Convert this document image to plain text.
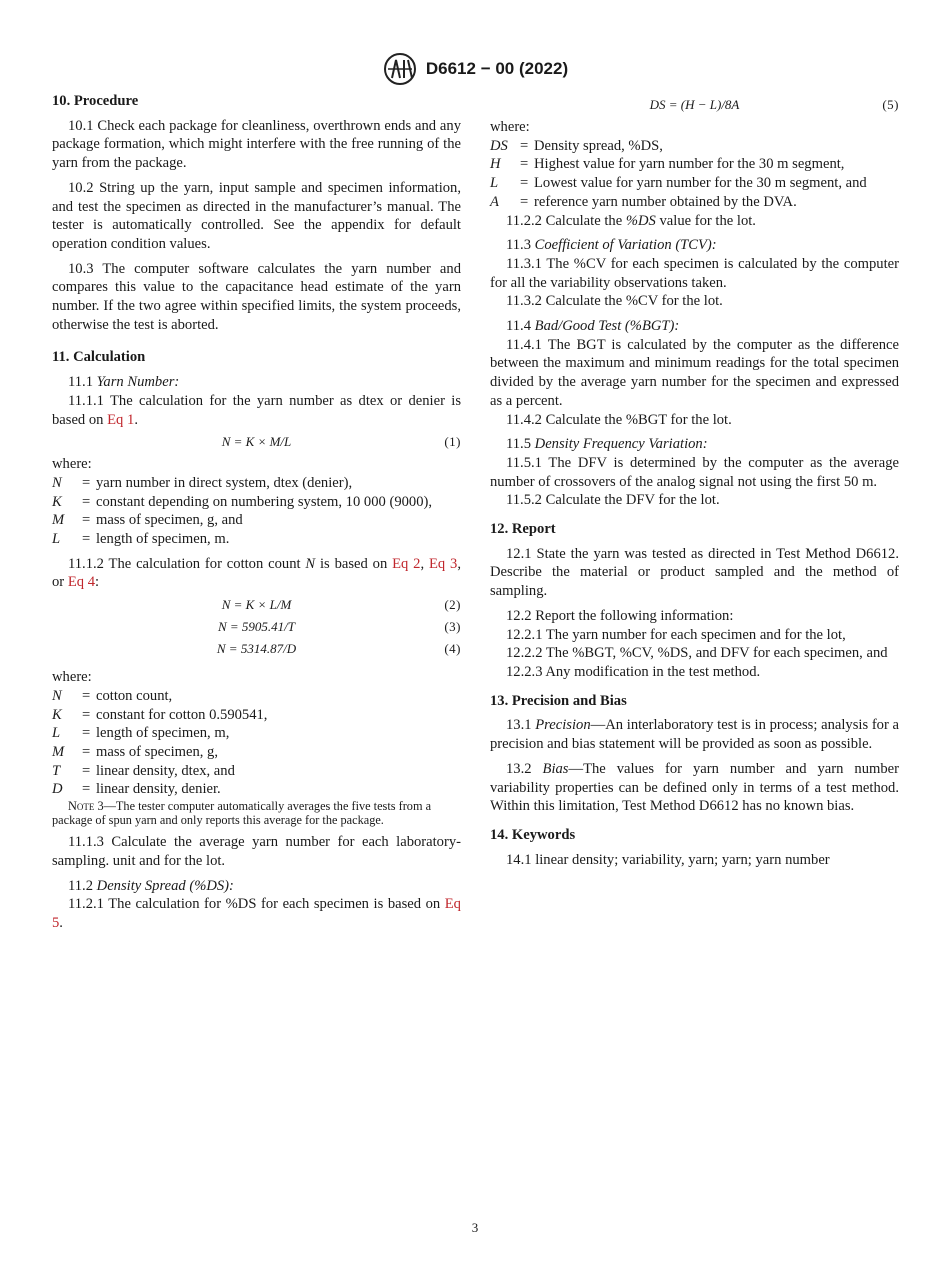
D6612 − 00 (2022)
10. Procedure

10.1 Check each package for cleanliness, overthrown ends and any package formation, which might interfere with the free running of the yarn from the package.

10.2 String up the yarn, input sample and specimen information, and test the specimen as directed in the manufacturer’s manual. The tester is automatically controlled. See the appendix for default operation condition values.

10.3 The computer software calculates the yarn number and compares this value to the capacitance head estimate of the yarn number. If the two agree within specified limits, the system proceeds, otherwise the test is aborted.

11. Calculation

11.1 Yarn Number:

11.1.1 The calculation for the yarn number as dtex or denier is based on Eq 1.

N = K × M/L	(1)

where:

N	= yarn number in direct system, dtex (denier),
K	= constant depending on numbering system, 10 000 (9000),
M	= mass of specimen, g, and
L	= length of specimen, m.

11.1.2 The calculation for cotton count N is based on Eq 2, Eq 3, or Eq 4:

N = K × L/M	(2)
N = 5905.41/T	(3)
N = 5314.87/D	(4)

where:

N	= cotton count,
K	= constant for cotton 0.590541,
L	= length of specimen, m,
M	= mass of specimen, g,
T	= linear density, dtex, and
D	= linear density, denier.

Note 3—The tester computer automatically averages the five tests from a package of spun yarn and only reports this average for the package.

11.1.3 Calculate the average yarn number for each laboratory-sampling. unit and for the lot.

11.2 Density Spread (%DS):

11.2.1 The calculation for %DS for each specimen is based on Eq 5.

DS = (H − L)/8A	(5)

where:

DS = Density spread, %DS,
H	= Highest value for yarn number for the 30 m segment,
L	= Lowest value for yarn number for the 30 m segment, and
A	= reference yarn number obtained by the DVA.

11.2.2 Calculate the %DS value for the lot.

11.3 Coefficient of Variation (TCV):

11.3.1 The %CV for each specimen is calculated by the computer for all the variability observations taken.

11.3.2 Calculate the %CV for the lot.

11.4 Bad/Good Test (%BGT):

11.4.1 The BGT is calculated by the computer as the difference between the maximum and minimum readings for the total specimen divided by the average yarn number for the specimen and expressed as a percent.

11.4.2 Calculate the %BGT for the lot.

11.5 Density Frequency Variation:

11.5.1 The DFV is determined by the computer as the average number of crossovers of the analog signal not using the first 50 m.

11.5.2 Calculate the DFV for the lot.

12. Report

12.1 State the yarn was tested as directed in Test Method D6612. Describe the material or product sampled and the method of sampling.

12.2 Report the following information:

12.2.1 The yarn number for each specimen and for the lot,

12.2.2 The %BGT, %CV, %DS, and DFV for each specimen, and

12.2.3 Any modification in the test method.

13. Precision and Bias

13.1 Precision—An interlaboratory test is in process; analysis for a precision and bias statement will be provided as soon as possible.

13.2 Bias—The values for yarn number and yarn number variability properties can be defined only in terms of a test method. Within this limitation, Test Method D6612 has no known bias.

14. Keywords

14.1 linear density; variability, yarn; yarn; yarn number

3
